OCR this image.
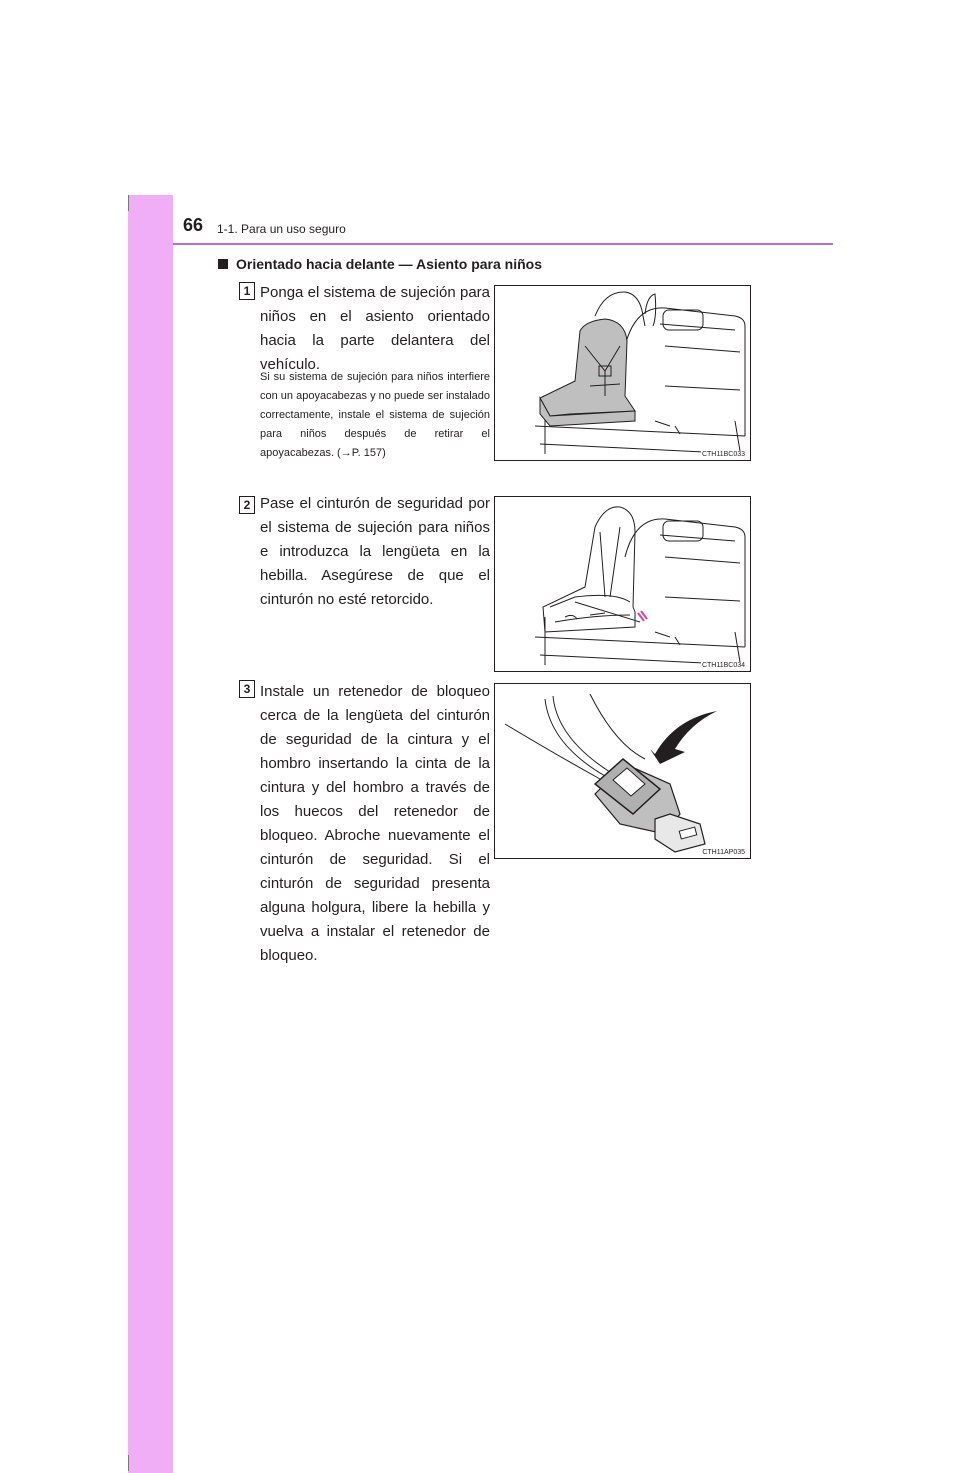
66 1-1. Para un uso seguro
Orientado hacia delante — Asiento para niños
1 Ponga el sistema de sujeción para niños en el asiento orientado hacia la parte delantera del vehículo.

Si su sistema de sujeción para niños interfiere con un apoyacabezas y no puede ser instalado correctamente, instale el sistema de sujeción para niños después de retirar el apoyacabezas. (→P. 157)	CTH11BC033
2 Pase el cinturón de seguridad por el sistema de sujeción para niños e introduzca la lengüeta en la hebilla. Asegúrese de que el cinturón no esté retorcido.

CTH11BC034
3 Instale un retenedor de bloqueo cerca de la lengüeta del cinturón de seguridad de la cintura y el hombro insertando la cinta de la cintura y del hombro a través de los huecos del retenedor de bloqueo. Abroche nuevamente el cinturón de seguridad. Si el cinturón de seguridad presenta alguna holgura, libere la hebilla y vuelva a instalar el retenedor de bloqueo.

CTH11AP035
